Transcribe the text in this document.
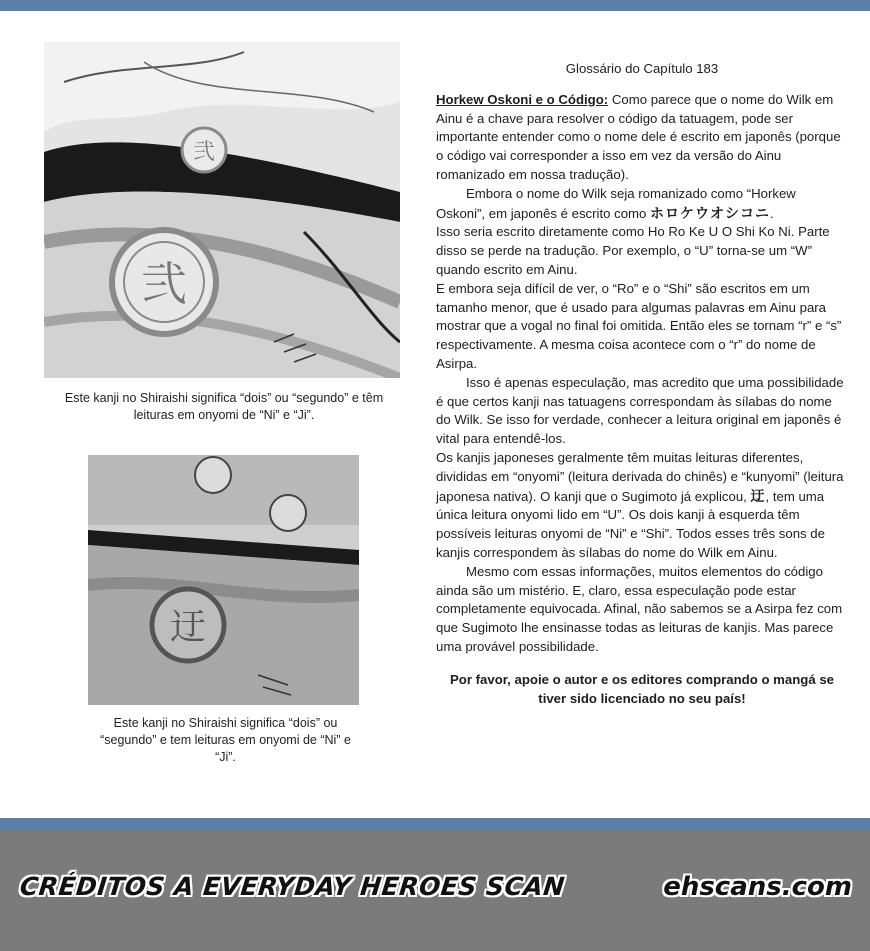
弐
弐
Este kanji no Shiraishi significa “dois” ou “segundo” e têm leituras em onyomi de “Ni” e “Ji”.
迂
Este kanji no Shiraishi significa “dois” ou “segundo” e tem leituras em onyomi de “Ni” e “Ji”.
Glossário do Capítulo 183

Horkew Oskoni e o Código: Como parece que o nome do Wilk em Ainu é a chave para resolver o código da tatuagem, pode ser importante entender como o nome dele é escrito em japonês (porque o código vai corresponder a isso em vez da versão do Ainu romanizado em nossa tradução).

Embora o nome do Wilk seja romanizado como “Horkew Oskoni”, em japonês é escrito como ホロケウオシコニ.

Isso seria escrito diretamente como Ho Ro Ke U O Shi Ko Ni. Parte disso se perde na tradução. Por exemplo, o “U” torna-se um “W” quando escrito em Ainu.

E embora seja difícil de ver, o “Ro” e o “Shi” são escritos em um tamanho menor, que é usado para algumas palavras em Ainu para mostrar que a vogal no final foi omitida. Então eles se tornam “r” e “s” respectivamente. A mesma coisa acontece com o “r” do nome de Asirpa.

Isso é apenas especulação, mas acredito que uma possibilidade é que certos kanji nas tatuagens correspondam às sílabas do nome do Wilk. Se isso for verdade, conhecer a leitura original em japonês é vital para entendê-los.

Os kanjis japoneses geralmente têm muitas leituras diferentes, divididas em “onyomi” (leitura derivada do chinês) e “kunyomi” (leitura japonesa nativa). O kanji que o Sugimoto já explicou, 迂, tem uma única leitura onyomi lido em “U”. Os dois kanji à esquerda têm possíveis leituras onyomi de “Ni” e “Shi”. Todos esses três sons de kanjis correspondem às sílabas do nome do Wilk em Ainu.

Mesmo com essas informações, muitos elementos do código ainda são um mistério. E, claro, essa especulação pode estar completamente equivocada. Afinal, não sabemos se a Asirpa fez com que Sugimoto lhe ensinasse todas as leituras de kanjis. Mas parece uma provável possibilidade.

Por favor, apoie o autor e os editores comprando o mangá se tiver sido licenciado no seu país!

CRÉDITOS A EVERYDAY HEROES SCAN	ehscans.com
